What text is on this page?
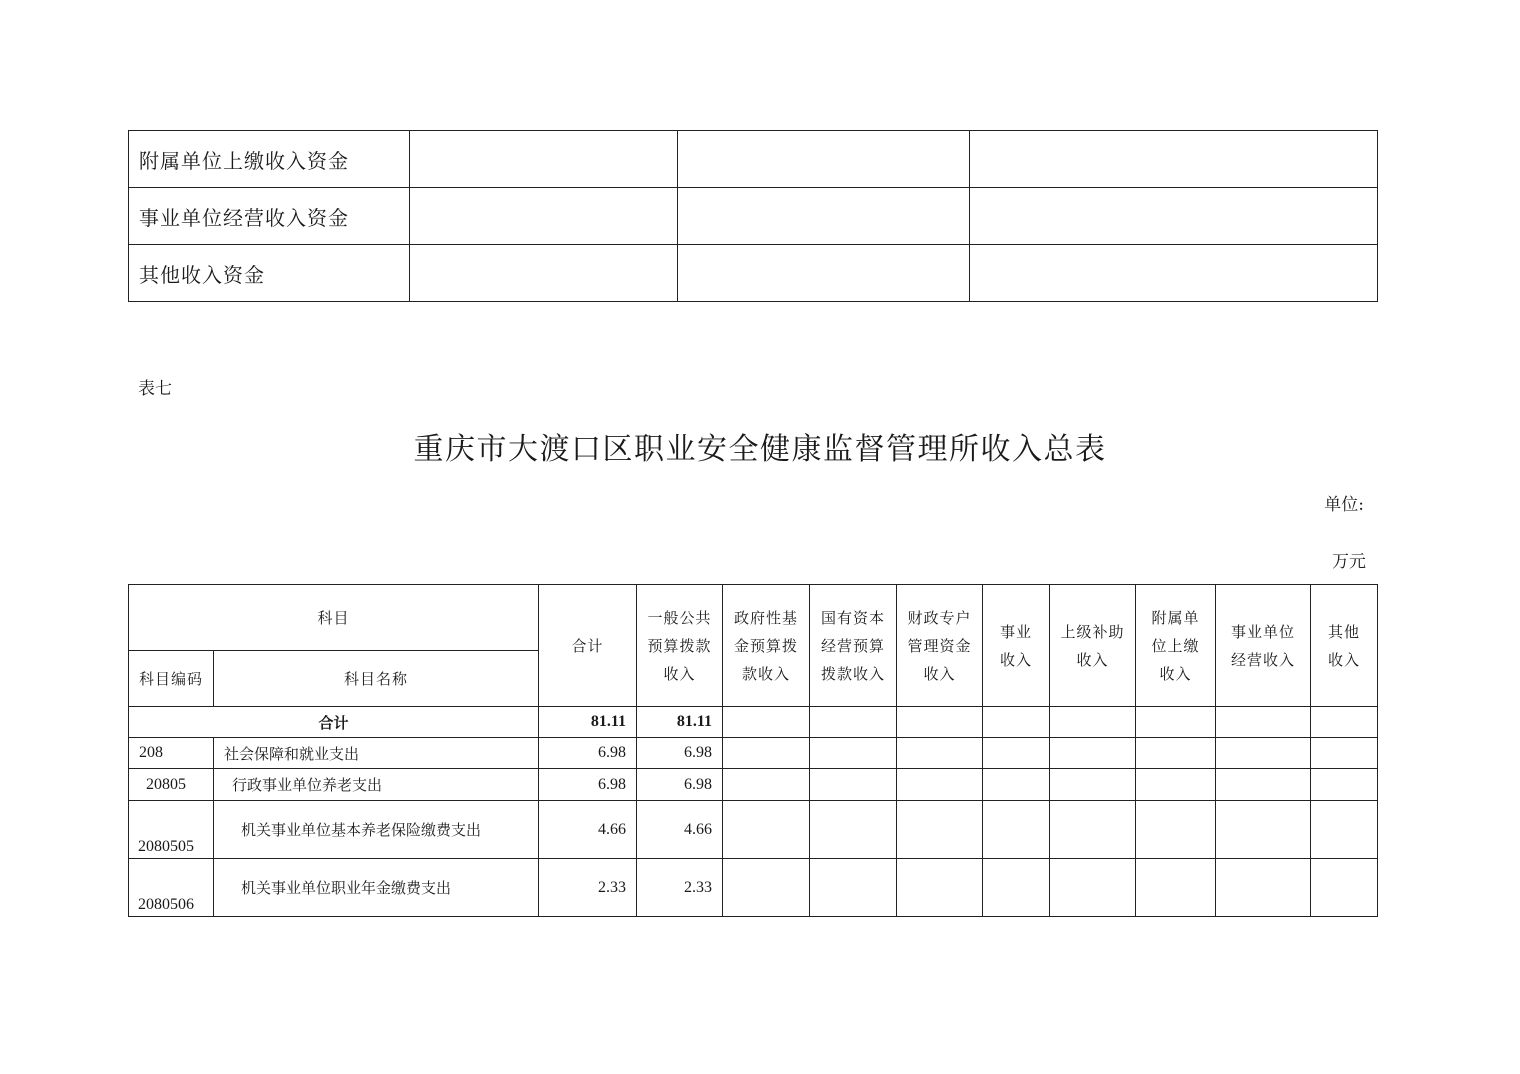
附属单位上缴收入资金			
事业单位经营收入资金			
其他收入资金			
表七
重庆市大渡口区职业安全健康监督管理所收入总表
单位:
万元
科目		合计	一般公共
预算拨款
收入	政府性基
金预算拨
款收入	国有资本
经营预算
拨款收入	财政专户
管理资金
收入	事业
收入	上级补助
收入	附属单
位上缴
收入	事业单位
经营收入	其他
收入
科目编码	科目名称										
合计		81.11	81.11								
208	社会保障和就业支出	6.98	6.98								
20805	行政事业单位养老支出	6.98	6.98								
2080505	机关事业单位基本养老保险缴费支出	4.66	4.66								
2080506	机关事业单位职业年金缴费支出	2.33	2.33								
